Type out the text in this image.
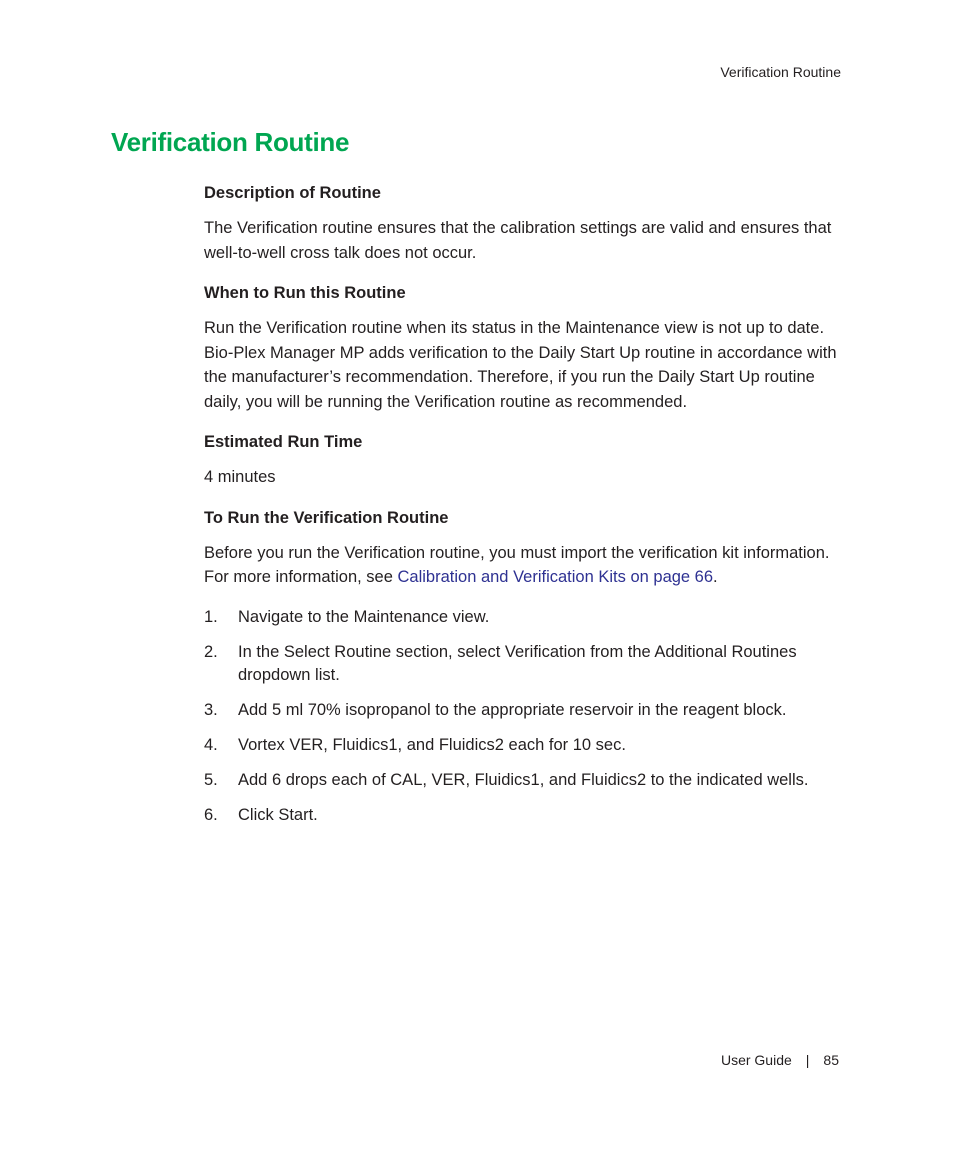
Verification Routine
Verification Routine
Description of Routine

The Verification routine ensures that the calibration settings are valid and ensures that well-to-well cross talk does not occur.

When to Run this Routine

Run the Verification routine when its status in the Maintenance view is not up to date. Bio-Plex Manager MP adds verification to the Daily Start Up routine in accordance with the manufacturer’s recommendation. Therefore, if you run the Daily Start Up routine daily, you will be running the Verification routine as recommended.

Estimated Run Time

4 minutes

To Run the Verification Routine

Before you run the Verification routine, you must import the verification kit information. For more information, see Calibration and Verification Kits on page 66.

1. Navigate to the Maintenance view.
2. In the Select Routine section, select Verification from the Additional Routines dropdown list.
3. Add 5 ml 70% isopropanol to the appropriate reservoir in the reagent block.
4. Vortex VER, Fluidics1, and Fluidics2 each for 10 sec.
5. Add 6 drops each of CAL, VER, Fluidics1, and Fluidics2 to the indicated wells.
6. Click Start.
User Guide | 85
